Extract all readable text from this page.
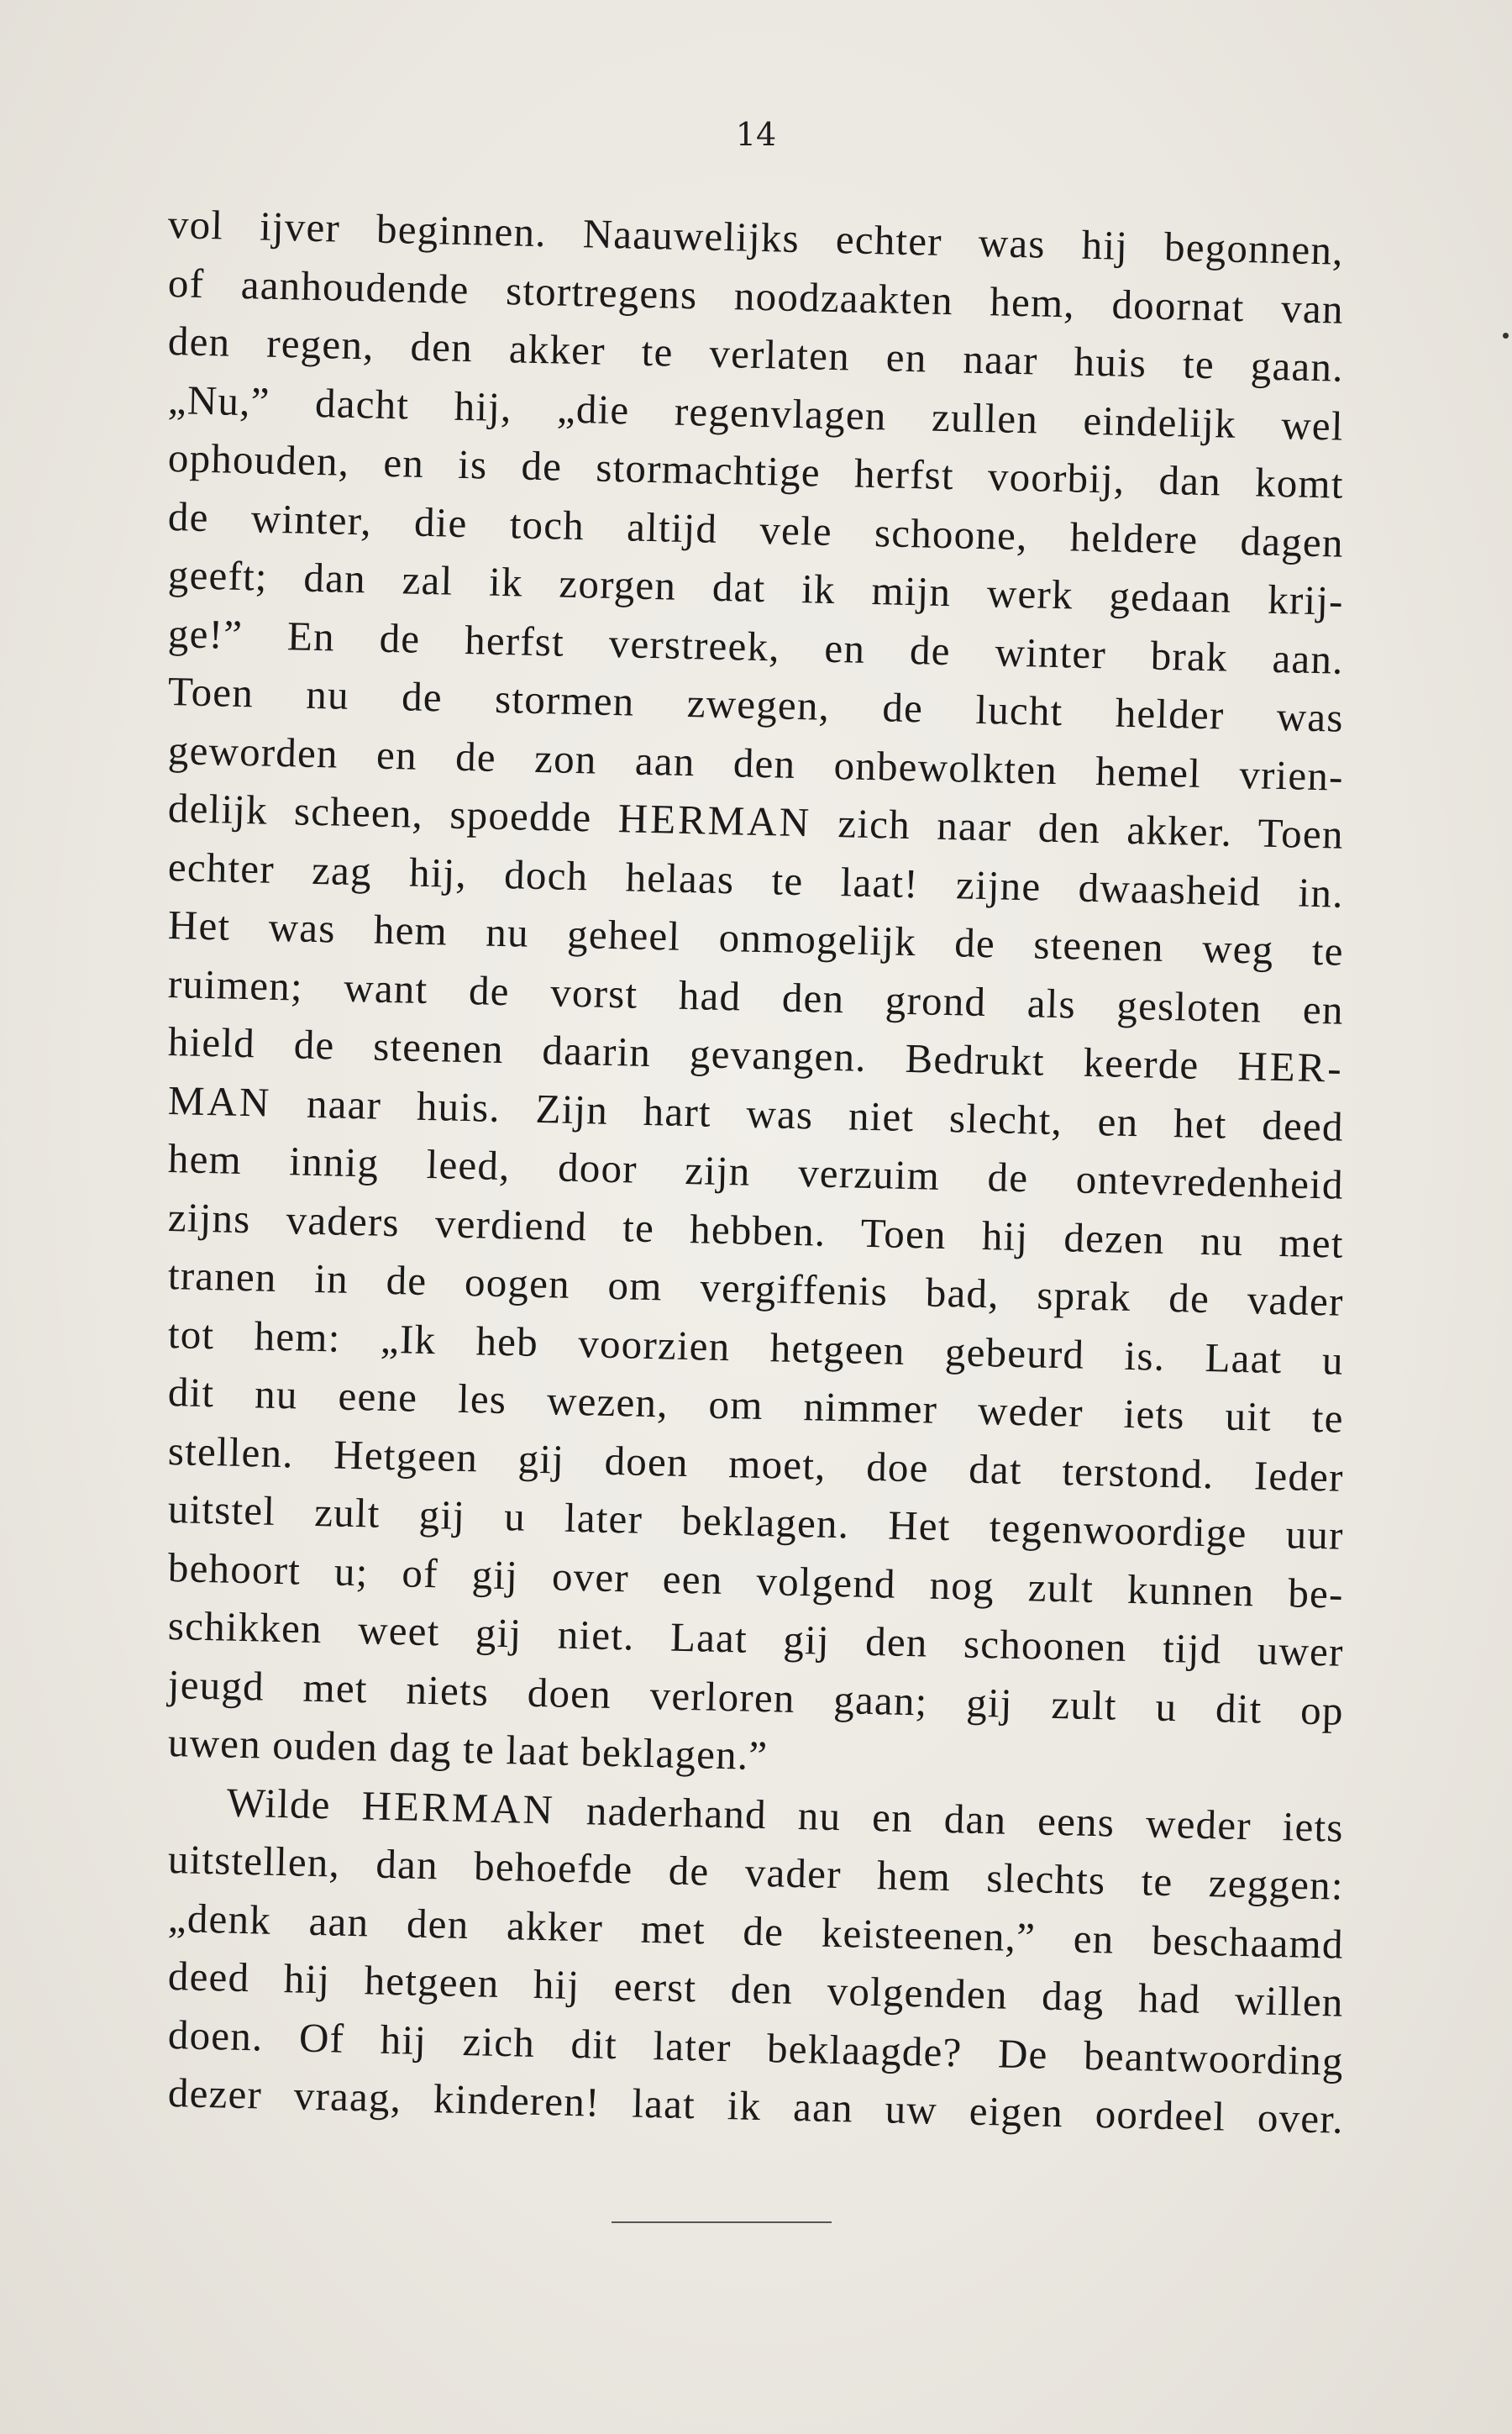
14
vol ijver beginnen. Naauwelijks echter was hij begonnen,
of aanhoudende stortregens noodzaakten hem, doornat van
den regen, den akker te verlaten en naar huis te gaan.
„Nu,” dacht hij, „die regenvlagen zullen eindelijk wel
ophouden, en is de stormachtige herfst voorbij, dan komt
de winter, die toch altijd vele schoone, heldere dagen
geeft; dan zal ik zorgen dat ik mijn werk gedaan krij-
ge!” En de herfst verstreek, en de winter brak aan.
Toen nu de stormen zwegen, de lucht helder was
geworden en de zon aan den onbewolkten hemel vrien-
delijk scheen, spoedde HERMAN zich naar den akker. Toen
echter zag hij, doch helaas te laat! zijne dwaasheid in.
Het was hem nu geheel onmogelijk de steenen weg te
ruimen; want de vorst had den grond als gesloten en
hield de steenen daarin gevangen. Bedrukt keerde HER-
MAN naar huis. Zijn hart was niet slecht, en het deed
hem innig leed, door zijn verzuim de ontevredenheid
zijns vaders verdiend te hebben. Toen hij dezen nu met
tranen in de oogen om vergiffenis bad, sprak de vader
tot hem: „Ik heb voorzien hetgeen gebeurd is. Laat u
dit nu eene les wezen, om nimmer weder iets uit te
stellen. Hetgeen gij doen moet, doe dat terstond. Ieder
uitstel zult gij u later beklagen. Het tegenwoordige uur
behoort u; of gij over een volgend nog zult kunnen be-
schikken weet gij niet. Laat gij den schoonen tijd uwer
jeugd met niets doen verloren gaan; gij zult u dit op
uwen ouden dag te laat beklagen.”
Wilde HERMAN naderhand nu en dan eens weder iets
uitstellen, dan behoefde de vader hem slechts te zeggen:
„denk aan den akker met de keisteenen,” en beschaamd
deed hij hetgeen hij eerst den volgenden dag had willen
doen. Of hij zich dit later beklaagde? De beantwoording
dezer vraag, kinderen! laat ik aan uw eigen oordeel over.
